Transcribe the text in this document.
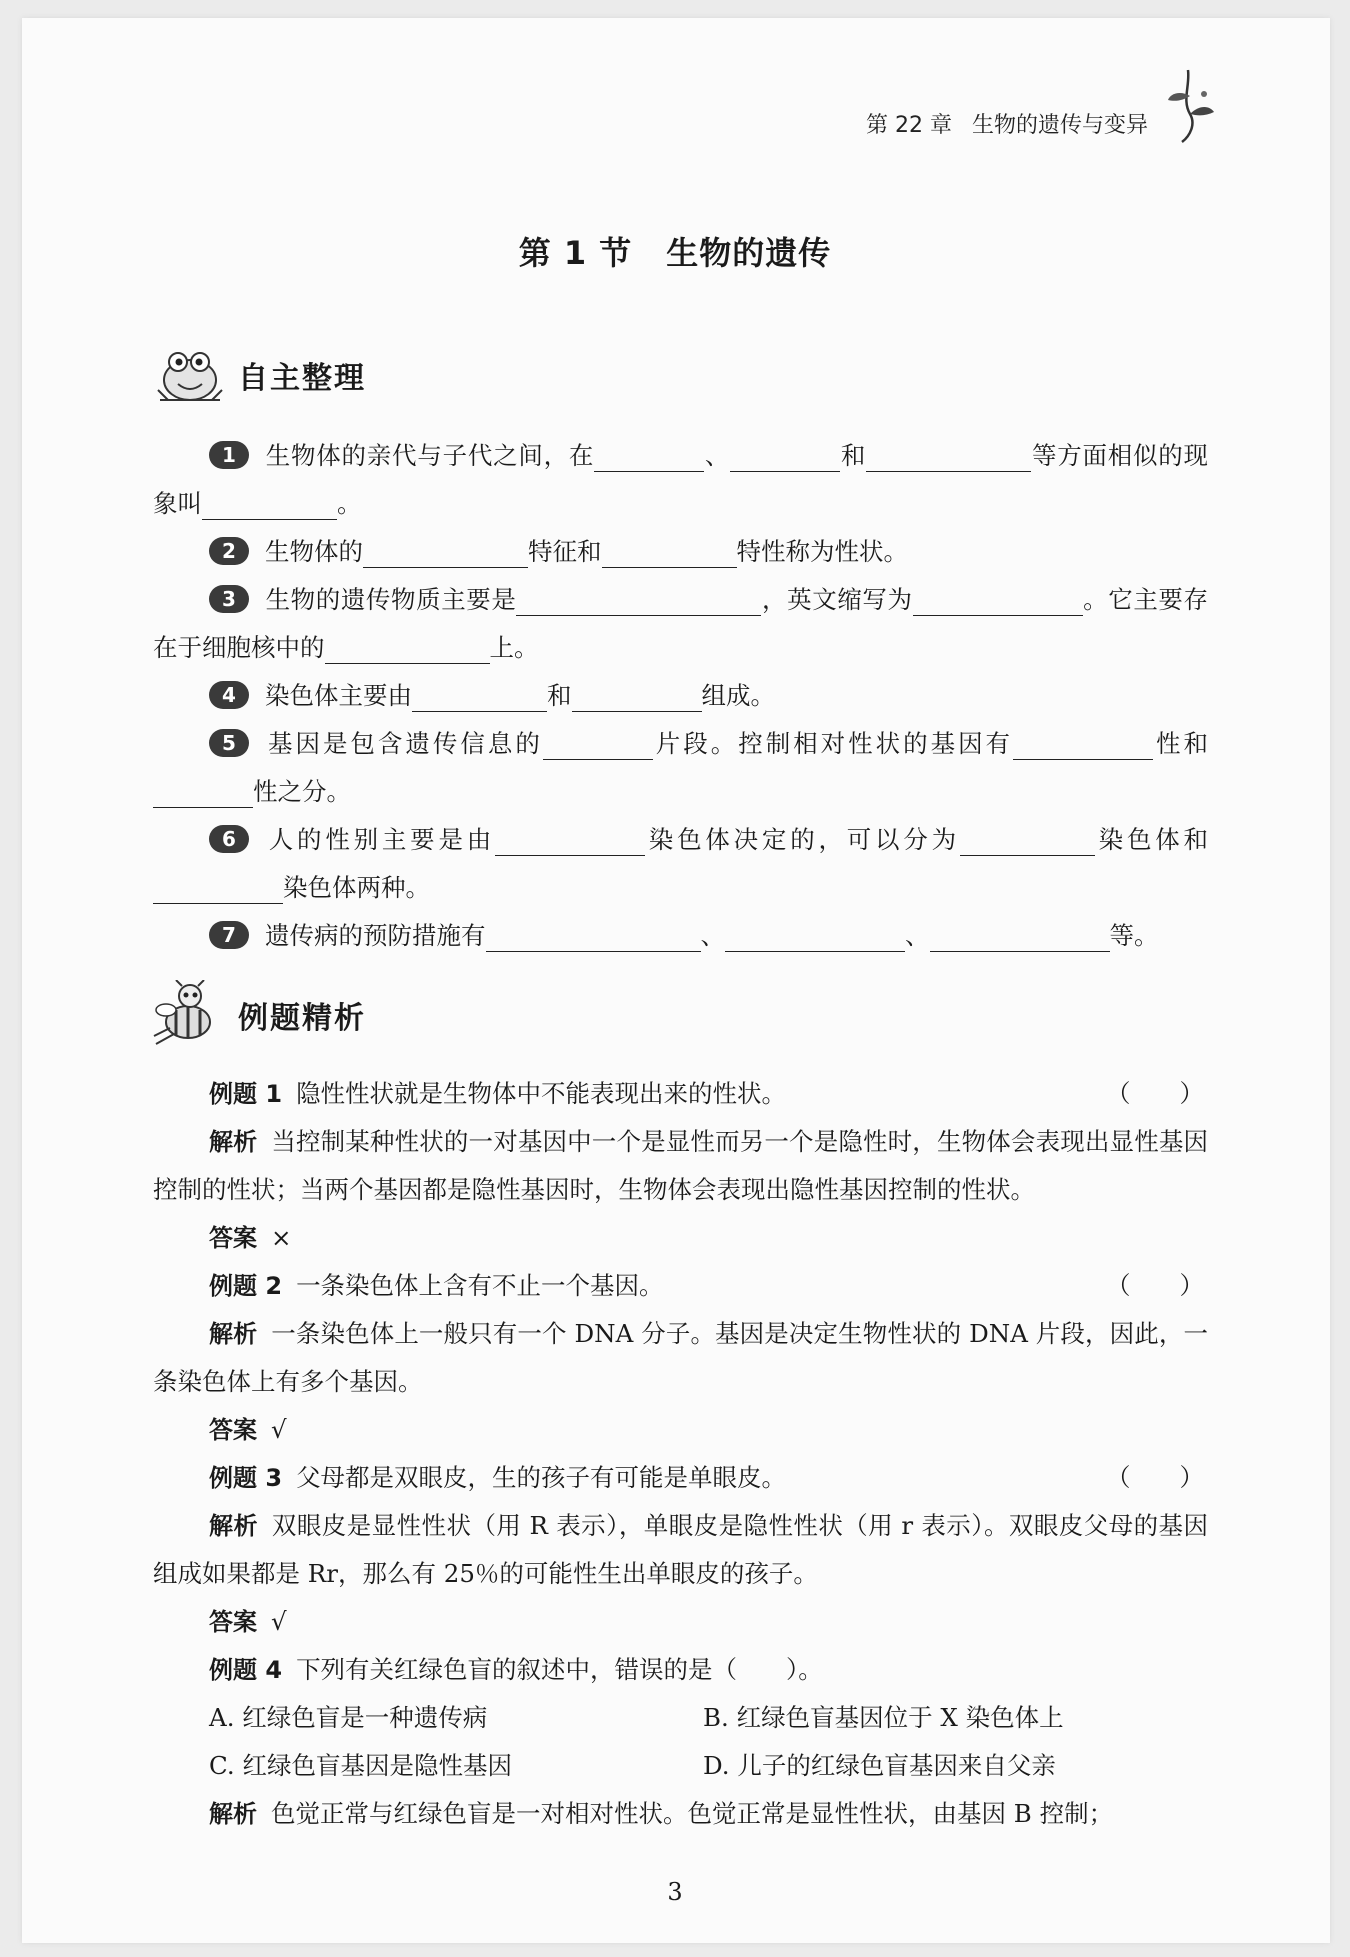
第 22 章 生物的遗传与变异
第 1 节 生物的遗传
自主整理

1 生物体的亲代与子代之间，在	、	和	等方面相似的现象叫	。

2 生物体的	特征和	特性称为性状。

3 生物的遗传物质主要是	，英文缩写为	。它主要存在于细胞核中的	上。

4 染色体主要由	和	组成。

5 基因是包含遗传信息的	片段。控制相对性状的基因有	性和性之分。

6 人的性别主要是由	染色体决定的，可以分为	染色体和染色体两种。

7 遗传病的预防措施有	、	、	等。

例题精析

例题 1 隐性性状就是生物体中不能表现出来的性状。	（　　）

解析 当控制某种性状的一对基因中一个是显性而另一个是隐性时，生物体会表现出显性基因控制的性状；当两个基因都是隐性基因时，生物体会表现出隐性基因控制的性状。

答案 ×

例题 2 一条染色体上含有不止一个基因。	（　　）

解析 一条染色体上一般只有一个 DNA 分子。基因是决定生物性状的 DNA 片段，因此，一条染色体上有多个基因。

答案 √

例题 3 父母都是双眼皮，生的孩子有可能是单眼皮。	（　　）

解析 双眼皮是显性性状（用 R 表示），单眼皮是隐性性状（用 r 表示）。双眼皮父母的基因组成如果都是 Rr，那么有 25％的可能性生出单眼皮的孩子。

答案 √

例题 4 下列有关红绿色盲的叙述中，错误的是（　　）。

A. 红绿色盲是一种遗传病	B. 红绿色盲基因位于 X 染色体上
C. 红绿色盲基因是隐性基因	D. 儿子的红绿色盲基因来自父亲

解析 色觉正常与红绿色盲是一对相对性状。色觉正常是显性性状，由基因 B 控制；

3
